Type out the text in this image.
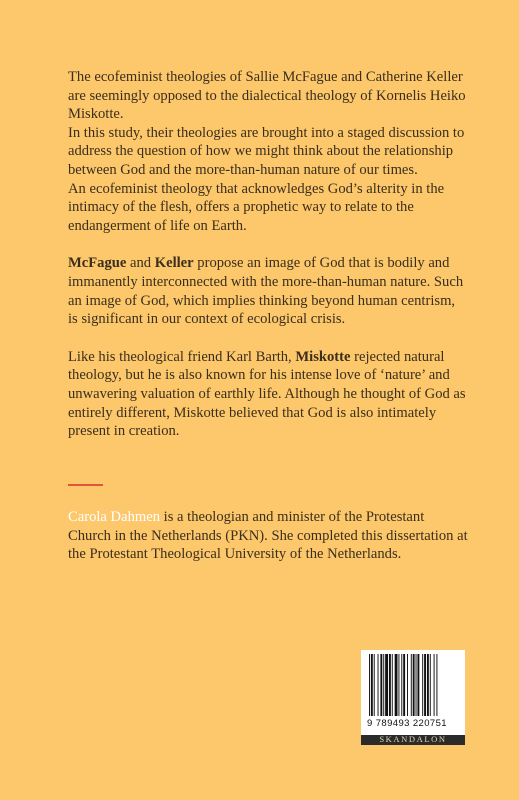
The ecofeminist theologies of Sallie McFague and Catherine Keller are seemingly opposed to the dialectical theology of Kornelis Heiko Miskotte.

In this study, their theologies are brought into a staged discussion to address the question of how we might think about the relationship between God and the more-than-human nature of our times.

An ecofeminist theology that acknowledges God’s alterity in the intimacy of the flesh, offers a prophetic way to relate to the endangerment of life on Earth.

McFague and Keller propose an image of God that is bodily and immanently interconnected with the more-than-human nature. Such an image of God, which implies thinking beyond human centrism, is significant in our context of ecological crisis.

Like his theological friend Karl Barth, Miskotte rejected natural theology, but he is also known for his intense love of ‘nature’ and unwavering valuation of earthly life. Although he thought of God as entirely different, Miskotte believed that God is also intimately present in creation.

Carola Dahmen is a theologian and minister of the Protestant Church in the Netherlands (PKN). She completed this dissertation at the Protestant Theological University of the Netherlands.

9 789493 220751
SKANDALON
